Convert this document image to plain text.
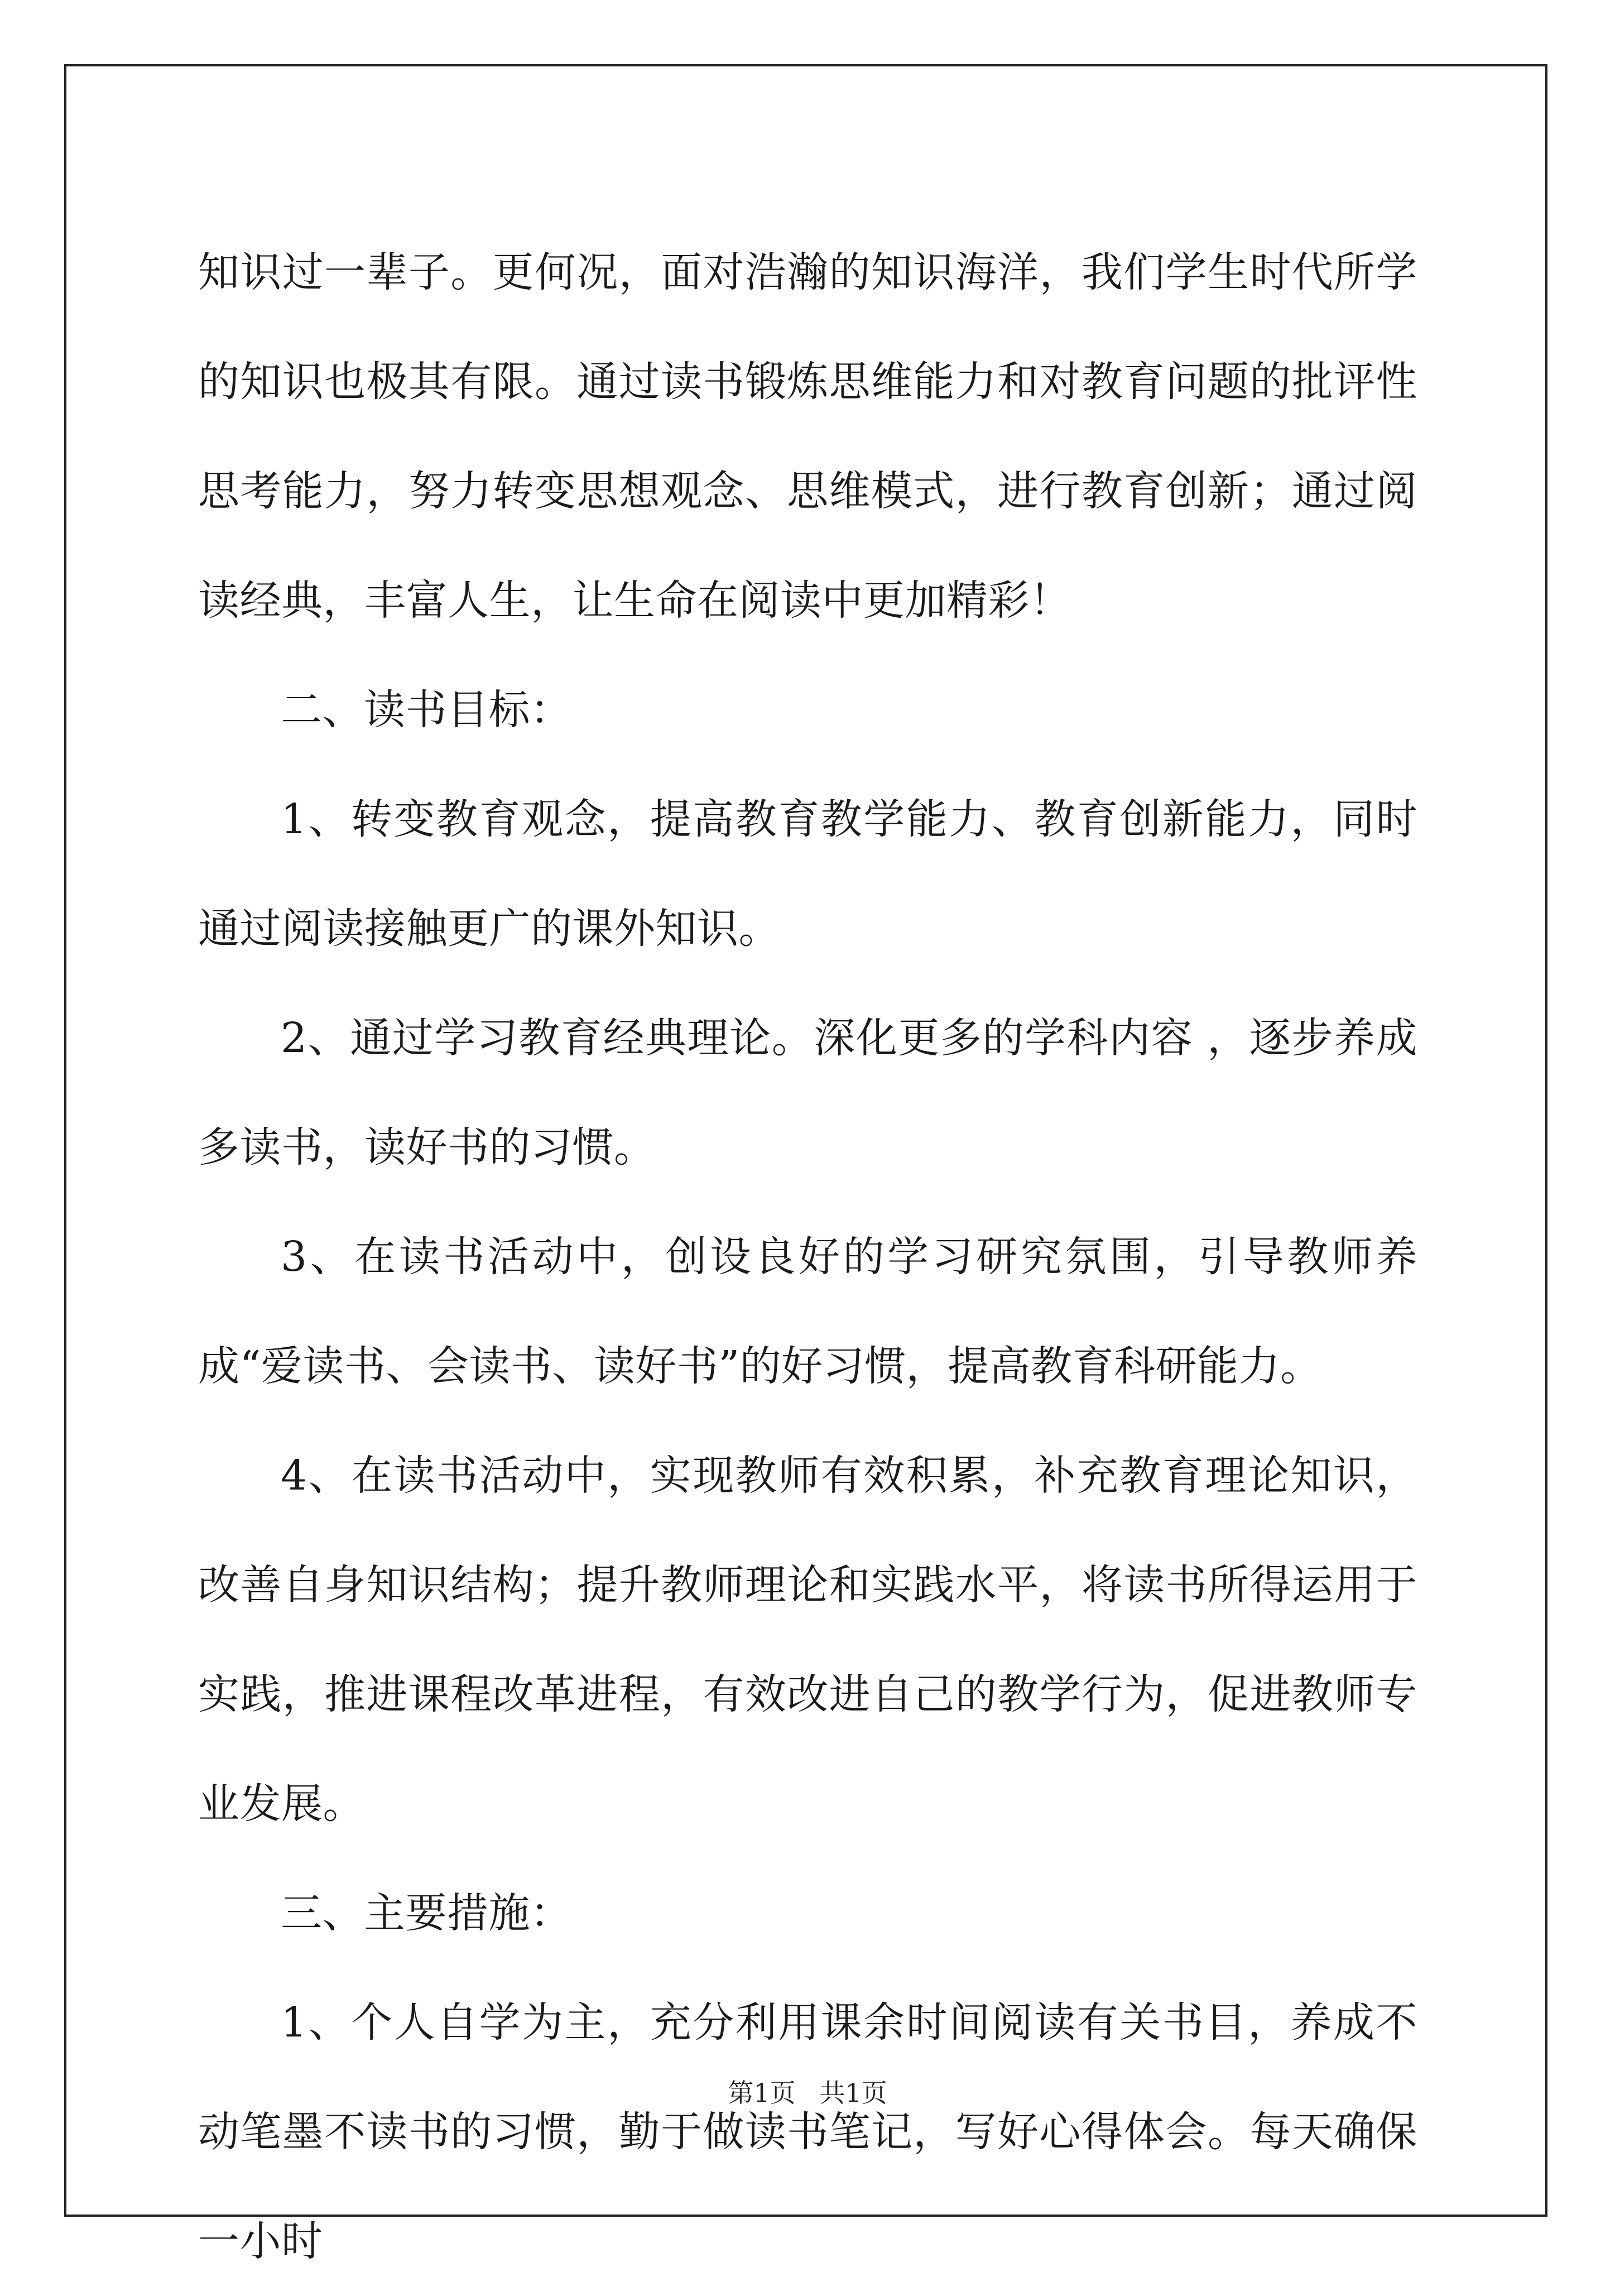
知识过一辈子。更何况，面对浩瀚的知识海洋，我们学生时代所学的知识也极其有限。通过读书锻炼思维能力和对教育问题的批评性思考能力，努力转变思想观念、思维模式，进行教育创新；通过阅读经典，丰富人生，让生命在阅读中更加精彩！

二、读书目标：

1、转变教育观念，提高教育教学能力、教育创新能力，同时通过阅读接触更广的课外知识。

2、通过学习教育经典理论。深化更多的学科内容 ，逐步养成多读书，读好书的习惯。

3、在读书活动中，创设良好的学习研究氛围，引导教师养成“爱读书、会读书、读好书”的好习惯，提高教育科研能力。

4、在读书活动中，实现教师有效积累，补充教育理论知识，改善自身知识结构；提升教师理论和实践水平，将读书所得运用于实践，推进课程改革进程，有效改进自己的教学行为，促进教师专业发展。

三、主要措施：

1、个人自学为主，充分利用课余时间阅读有关书目，养成不动笔墨不读书的习惯，勤于做读书笔记，写好心得体会。每天确保一小时

第1页 共1页
